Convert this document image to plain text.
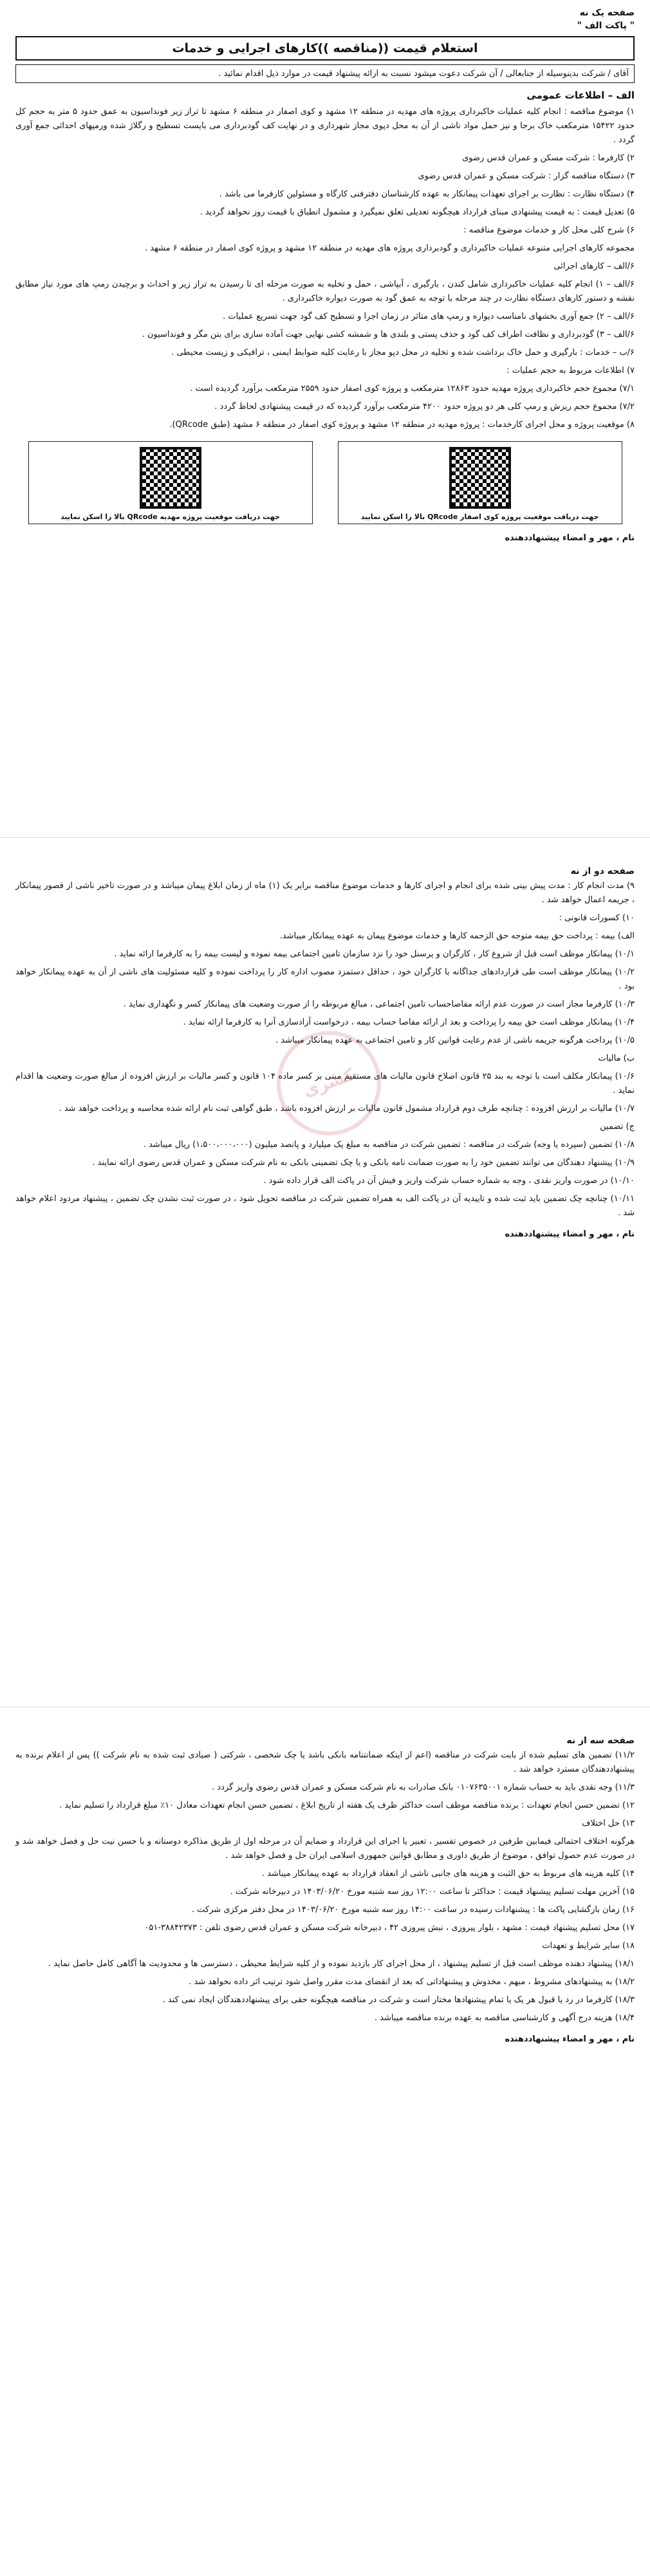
صفحه یک نه
" پاکت الف "
استعلام قیمت ((مناقصه ))کارهای اجرایی و خدمات
آقای / شرکت بدینوسیله از جنابعالی / آن شرکت دعوت میشود نسبت به ارائه پیشنهاد قیمت در موارد ذیل اقدام نمائید .
الف – اطلاعات عمومی

۱) موضوع مناقصه : انجام کلیه عملیات خاکبرداری پروژه های مهدیه در منطقه ۱۲ مشهد و کوی اصفار در منطقه ۶ مشهد تا تراز زیر فونداسیون به عمق حدود ۵ متر به حجم کل حدود ۱۵۴۲۲ مترمکعب خاک برجا و نیز حمل مواد ناشی از آن به محل دپوی مجاز شهرداری و در نهایت کف گودبرداری می بایست تسطیح و رگلاژ شده ورمپهای احداثی جمع آوری گردد .

۲) کارفرما : شرکت مسکن و عمران قدس رضوی

۳) دستگاه مناقصه گزار : شرکت مسکن و عمران قدس رضوی

۴) دستگاه نظارت : نظارت بر اجرای تعهدات پیمانکار به عهده کارشناسان دفترفنی کارگاه و مسئولین کارفرما می باشد .

۵) تعدیل قیمت : به قیمت پیشنهادی مبنای قرارداد هیچگونه تعدیلی تعلق نمیگیرد و مشمول انطباق با قیمت روز نخواهد گردید .

۶) شرح کلی محل کار و خدمات موضوع مناقصه :

مجموعه کارهای اجرایی متنوعه عملیات خاکبرداری و گودبرداری پروژه های مهدیه در منطقه ۱۲ مشهد و پروژه کوی اصفار در منطقه ۶ مشهد .

۶/الف – کارهای اجرائی

۶/الف – ۱) انجام کلیه عملیات خاکبرداری شامل کندن ، بارگیری ، آبپاشی ، حمل و تخلیه به صورت مرحله ای تا رسیدن به تراز زیر و احداث و برچیدن رمپ های مورد نیاز مطابق نقشه و دستور کارهای دستگاه نظارت در چند مرحله با توجه به عمق گود به صورت دیواره خاکبرداری .

۶/الف – ۲) جمع آوری بخشهای نامناسب دیواره و رمپ های متاثر در زمان اجرا و تسطیح کف گود جهت تسریع عملیات .

۶/الف – ۳) گودبرداری و نظافت اطراف کف گود و حذف پستی و بلندی ها و شمشه کشی نهایی جهت آماده سازی برای بتن مگر و فونداسیون .

۶/ب – خدمات : بارگیری و حمل خاک برداشت شده و تخلیه در محل دپو مجاز با رعایت کلیه ضوابط ایمنی ، ترافیکی و زیست محیطی .

۷) اطلاعات مربوط به حجم عملیات :

۷/۱) مجموع حجم خاکبرداری پروژه مهدیه حدود ۱۲۸۶۳ مترمکعب و پروژه کوی اصفار حدود ۲۵۵۹ مترمکعب برآورد گردیده است .

۷/۲) مجموع حجم ریزش و رمپ کلی هر دو پروژه حدود ۴۲۰۰ مترمکعب برآورد گردیده که در قیمت پیشنهادی لحاظ گردد .

۸) موقعیت پروژه و محل اجرای کارخدمات : پروژه مهدیه در منطقه ۱۲ مشهد و پروژه کوی اصفار در منطقه ۶ مشهد (طبق QRcode).

جهت دریافت موقعیت پروژه کوی اصفار QRcode بالا را اسکن نمایید
جهت دریافت موقعیت پروژه مهدیه QRcode بالا را اسکن نمایید
نام ، مهر و امضاء پیشنهاددهنده
کسری
صفحه دو از نه

۹) مدت انجام کار : مدت پیش بینی شده برای انجام و اجرای کارها و خدمات موضوع مناقصه برابر یک (۱) ماه از زمان ابلاغ پیمان میباشد و در صورت تاخیر ناشی از قصور پیمانکار ، جریمه اعمال خواهد شد .

۱۰) کسورات قانونی :

الف) بیمه : پرداخت حق بیمه متوجه حق الزحمه کارها و خدمات موضوع پیمان به عهده پیمانکار میباشد.

۱۰/۱) پیمانکار موظف است قبل از شروع کار ، کارگران و پرسنل خود را نزد سازمان تامین اجتماعی بیمه نموده و لیست بیمه را به کارفرما ارائه نماید .

۱۰/۲) پیمانکار موظف است طی قراردادهای جداگانه با کارگران خود ، حداقل دستمزد مصوب اداره کار را پرداخت نموده و کلیه مسئولیت های ناشی از آن به عهده پیمانکار خواهد بود .

۱۰/۳) کارفرما مجاز است در صورت عدم ارائه مفاصاحساب تامین اجتماعی ، مبالغ مربوطه را از صورت وضعیت های پیمانکار کسر و نگهداری نماید .

۱۰/۴) پیمانکار موظف است حق بیمه را پرداخت و بعد از ارائه مفاصا حساب بیمه ، درخواست آزادسازی آنرا به کارفرما ارائه نماید .

۱۰/۵) پرداخت هرگونه جریمه ناشی از عدم رعایت قوانین کار و تامین اجتماعی به عهده پیمانکار میباشد .

ب) مالیات

۱۰/۶) پیمانکار مکلف است با توجه به بند ۲۵ قانون اصلاح قانون مالیات های مستقیم مبنی بر کسر ماده ۱۰۴ قانون و کسر مالیات بر ارزش افزوده از مبالغ صورت وضعیت ها اقدام نماید .

۱۰/۷) مالیات بر ارزش افزوده : چنانچه طرف دوم قرارداد مشمول قانون مالیات بر ارزش افزوده باشد ، طبق گواهی ثبت نام ارائه شده محاسبه و پرداخت خواهد شد .

ج) تضمین

۱۰/۸) تضمین (سپرده یا وجه) شرکت در مناقصه : تضمین شرکت در مناقصه به مبلغ یک میلیارد و پانصد میلیون (۱،۵۰۰،۰۰۰،۰۰۰) ریال میباشد .

۱۰/۹) پیشنهاد دهندگان می توانند تضمین خود را به صورت ضمانت نامه بانکی و یا چک تضمینی بانکی به نام شرکت مسکن و عمران قدس رضوی ارائه نمایند .

۱۰/۱۰) در صورت واریز نقدی ، وجه به شماره حساب شرکت واریز و فیش آن در پاکت الف قرار داده شود .

۱۰/۱۱) چنانچه چک تضمین باید ثبت شده و تاییدیه آن در پاکت الف به همراه تضمین شرکت در مناقصه تحویل شود ، در صورت ثبت نشدن چک تضمین ، پیشنهاد مردود اعلام خواهد شد .

نام ، مهر و امضاء پیشنهاددهنده
صفحه سه از نه

۱۱/۲) تضمین های تسلیم شده از بابت شرکت در مناقصه (اعم از اینکه ضمانتنامه بانکی باشد یا چک شخصی ، شرکتی ( صیادی ثبت شده به نام شرکت )) پس از اعلام برنده به پیشنهاددهندگان مسترد خواهد شد .

۱۱/۳) وجه نقدی باید به حساب شماره ۰۱۰۷۶۳۵۰۰۱ بانک صادرات به نام شرکت مسکن و عمران قدس رضوی واریز گردد .

۱۲) تضمین حسن انجام تعهدات : برنده مناقصه موظف است حداکثر ظرف یک هفته از تاریخ ابلاغ ، تضمین حسن انجام تعهدات معادل ۱۰٪ مبلغ قرارداد را تسلیم نماید .

۱۳) حل اختلاف

هرگونه اختلاف احتمالی فیمابین طرفین در خصوص تفسیر ، تعبیر یا اجرای این قرارداد و ضمایم آن در مرحله اول از طریق مذاکره دوستانه و با حسن نیت حل و فصل خواهد شد و در صورت عدم حصول توافق ، موضوع از طریق داوری و مطابق قوانین جمهوری اسلامی ایران حل و فصل خواهد شد .

۱۴) کلیه هزینه های مربوط به حق الثبت و هزینه های جانبی ناشی از انعقاد قرارداد به عهده پیمانکار میباشد .

۱۵) آخرین مهلت تسلیم پیشنهاد قیمت : حداکثر تا ساعت ۱۲:۰۰ روز سه شنبه مورخ ۱۴۰۳/۰۶/۲۰ در دبیرخانه شرکت .

۱۶) زمان بازگشایی پاکت ها : پیشنهادات رسیده در ساعت ۱۴:۰۰ روز سه شنبه مورخ ۱۴۰۳/۰۶/۲۰ در محل دفتر مرکزی شرکت .

۱۷) محل تسلیم پیشنهاد قیمت : مشهد ، بلوار پیروزی ، نبش پیروزی ۴۲ ، دبیرخانه شرکت مسکن و عمران قدس رضوی تلفن : ۳۸۸۴۲۳۷۳-۰۵۱

۱۸) سایر شرایط و تعهدات

۱۸/۱) پیشنهاد دهنده موظف است قبل از تسلیم پیشنهاد ، از محل اجرای کار بازدید نموده و از کلیه شرایط محیطی ، دسترسی ها و محدودیت ها آگاهی کامل حاصل نماید .

۱۸/۲) به پیشنهادهای مشروط ، مبهم ، مخدوش و پیشنهاداتی که بعد از انقضای مدت مقرر واصل شود ترتیب اثر داده نخواهد شد .

۱۸/۳) کارفرما در رد یا قبول هر یک یا تمام پیشنهادها مختار است و شرکت در مناقصه هیچگونه حقی برای پیشنهاددهندگان ایجاد نمی کند .

۱۸/۴) هزینه درج آگهی و کارشناسی مناقصه به عهده برنده مناقصه میباشد .

نام ، مهر و امضاء پیشنهاددهنده
